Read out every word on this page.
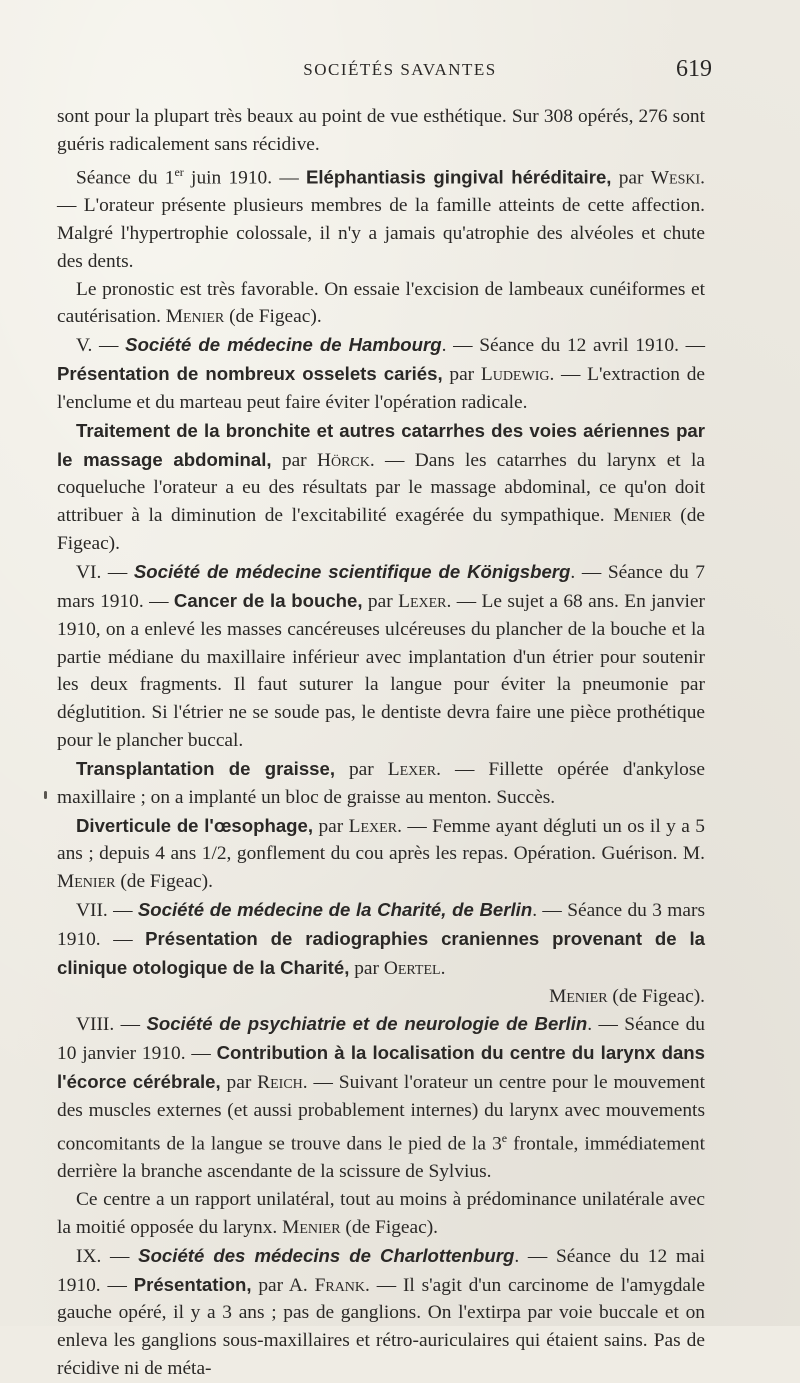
SOCIÉTÉS SAVANTES	619

sont pour la plupart très beaux au point de vue esthétique. Sur 308 opérés, 276 sont guéris radicalement sans récidive.

Séance du 1er juin 1910. — Eléphantiasis gingival héréditaire, par Weski. — L'orateur présente plusieurs membres de la famille atteints de cette affection. Malgré l'hypertrophie colossale, il n'y a jamais qu'atrophie des alvéoles et chute des dents.

Le pronostic est très favorable. On essaie l'excision de lambeaux cunéiformes et cautérisation. Menier (de Figeac).

V. — Société de médecine de Hambourg. — Séance du 12 avril 1910. — Présentation de nombreux osselets cariés, par Ludewig. — L'extraction de l'enclume et du marteau peut faire éviter l'opération radicale.

Traitement de la bronchite et autres catarrhes des voies aériennes par le massage abdominal, par Hörck. — Dans les catarrhes du larynx et la coqueluche l'orateur a eu des résultats par le massage abdominal, ce qu'on doit attribuer à la diminution de l'excitabilité exagérée du sympathique. Menier (de Figeac).

VI. — Société de médecine scientifique de Königsberg. — Séance du 7 mars 1910. — Cancer de la bouche, par Lexer. — Le sujet a 68 ans. En janvier 1910, on a enlevé les masses cancéreuses ulcéreuses du plancher de la bouche et la partie médiane du maxillaire inférieur avec implantation d'un étrier pour soutenir les deux fragments. Il faut suturer la langue pour éviter la pneumonie par déglutition. Si l'étrier ne se soude pas, le dentiste devra faire une pièce prothétique pour le plancher buccal.

Transplantation de graisse, par Lexer. — Fillette opérée d'ankylose maxillaire ; on a implanté un bloc de graisse au menton. Succès.

Diverticule de l'œsophage, par Lexer. — Femme ayant dégluti un os il y a 5 ans ; depuis 4 ans 1/2, gonflement du cou après les repas. Opération. Guérison. M. Menier (de Figeac).

VII. — Société de médecine de la Charité, de Berlin. — Séance du 3 mars 1910. — Présentation de radiographies craniennes provenant de la clinique otologique de la Charité, par Oertel.
Menier (de Figeac).

VIII. — Société de psychiatrie et de neurologie de Berlin. — Séance du 10 janvier 1910. — Contribution à la localisation du centre du larynx dans l'écorce cérébrale, par Reich. — Suivant l'orateur un centre pour le mouvement des muscles externes (et aussi probablement internes) du larynx avec mouvements concomitants de la langue se trouve dans le pied de la 3e frontale, immédiatement derrière la branche ascendante de la scissure de Sylvius.

Ce centre a un rapport unilatéral, tout au moins à prédominance unilatérale avec la moitié opposée du larynx. Menier (de Figeac).

IX. — Société des médecins de Charlottenburg. — Séance du 12 mai 1910. — Présentation, par A. Frank. — Il s'agit d'un carcinome de l'amygdale gauche opéré, il y a 3 ans ; pas de ganglions. On l'extirpa par voie buccale et on enleva les ganglions sous-maxillaires et rétro-auriculaires qui étaient sains. Pas de récidive ni de méta-
